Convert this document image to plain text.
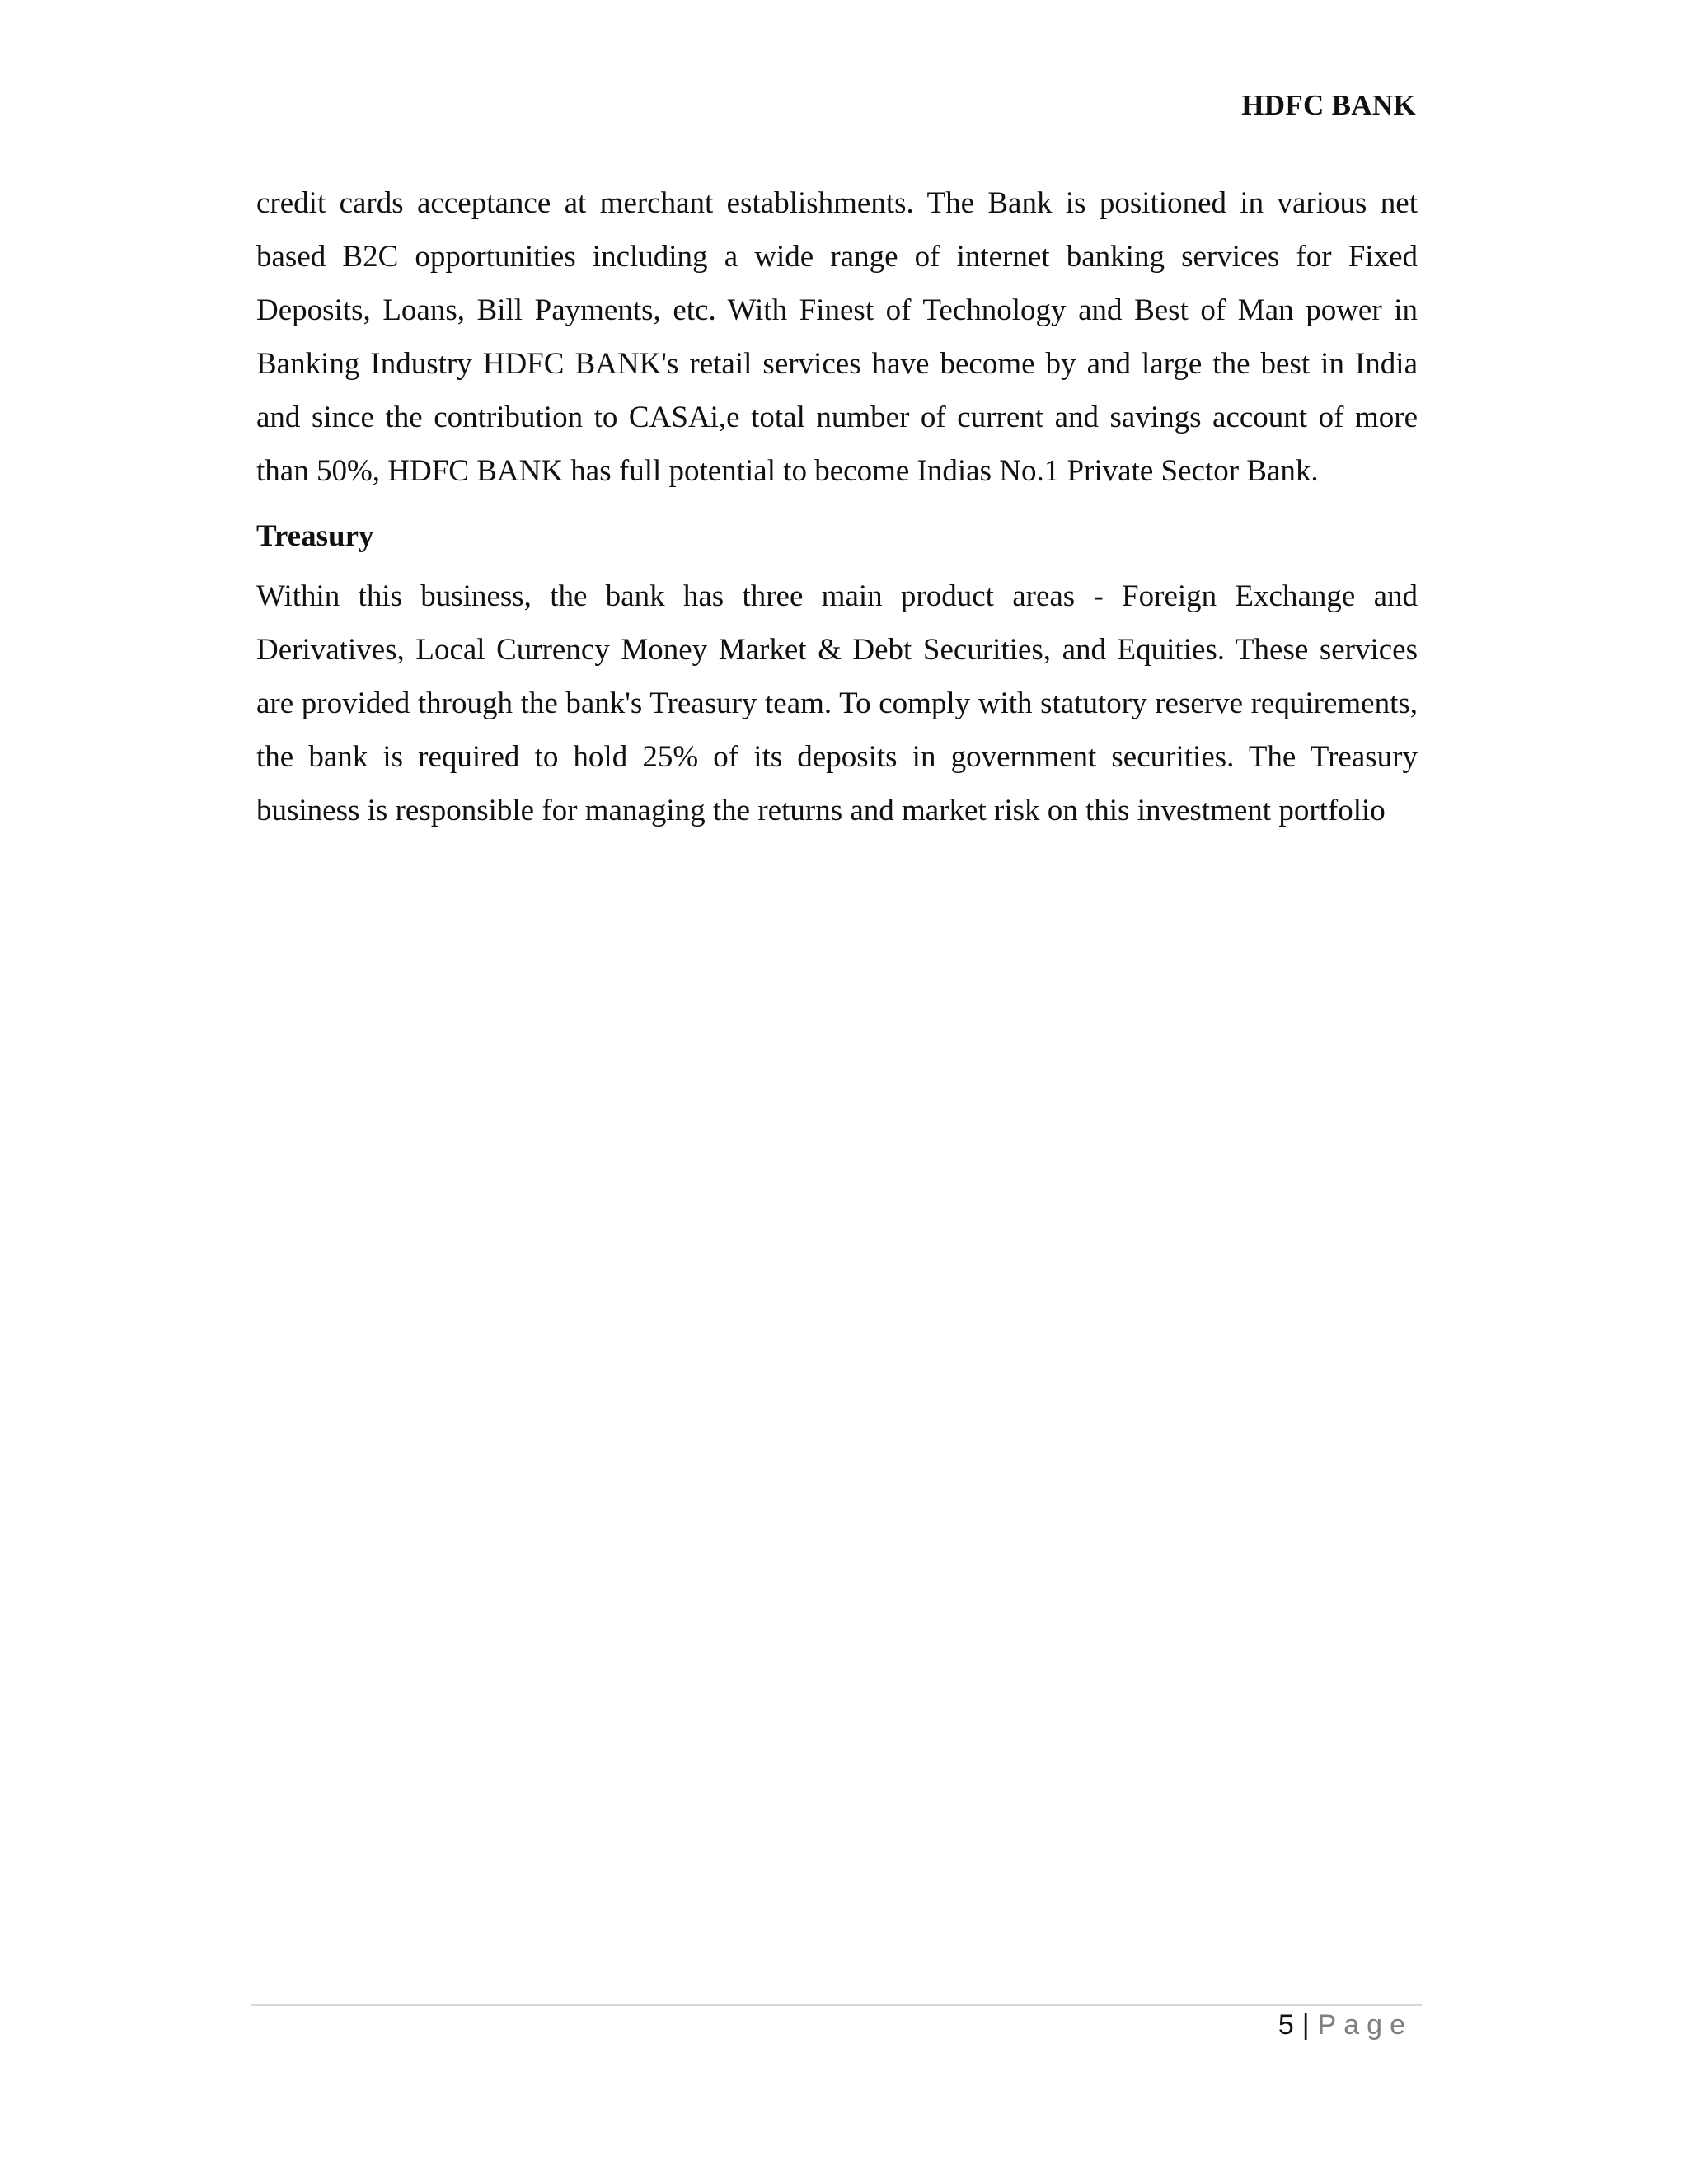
HDFC BANK

credit cards acceptance at merchant establishments. The Bank is positioned in various net based B2C opportunities including a wide range of internet banking services for Fixed Deposits, Loans, Bill Payments, etc. With Finest of Technology and Best of Man power in Banking Industry HDFC BANK's retail services have become by and large the best in India and since the contribution to CASAi,e total number of current and savings account of more than 50%, HDFC BANK has full potential to become Indias No.1 Private Sector Bank.

Treasury

Within this business, the bank has three main product areas - Foreign Exchange and Derivatives, Local Currency Money Market & Debt Securities, and Equities. These services are provided through the bank's Treasury team. To comply with statutory reserve requirements, the bank is required to hold 25% of its deposits in government securities. The Treasury business is responsible for managing the returns and market risk on this investment portfolio

5 | Page
